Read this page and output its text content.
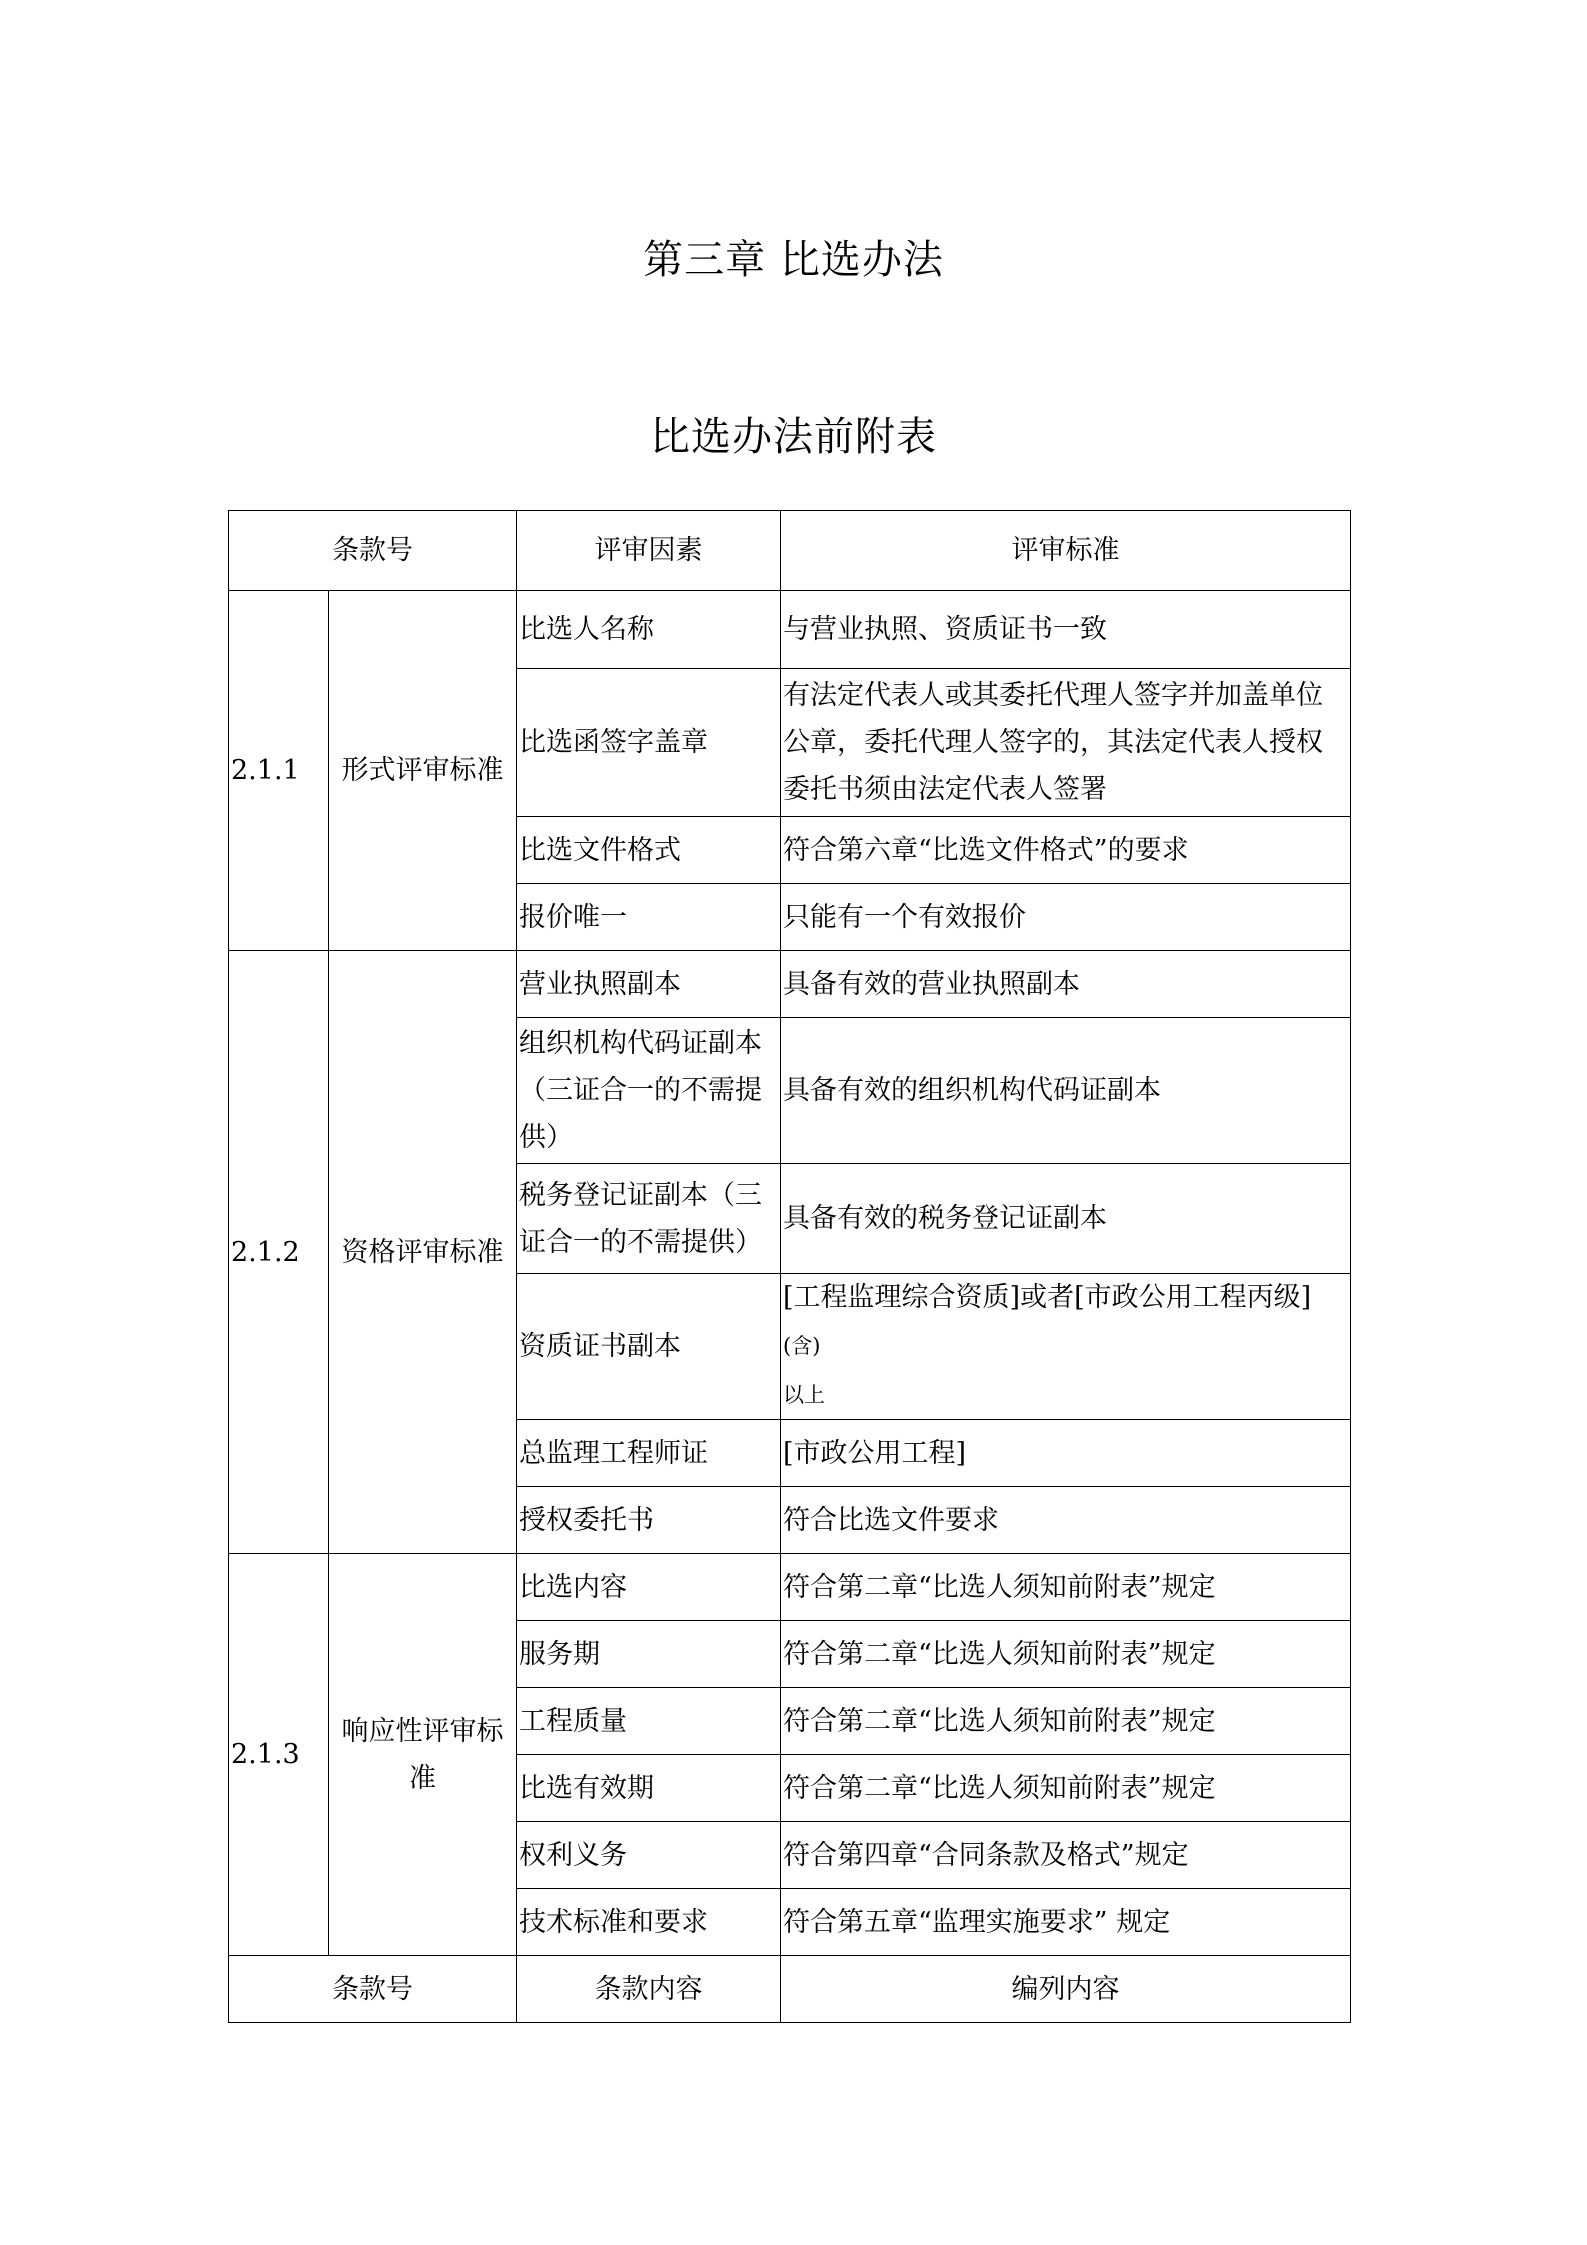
第三章 比选办法
比选办法前附表
条款号		评审因素	评审标准
2.1.1	形式评审标准	比选人名称	与营业执照、资质证书一致
		比选函签字盖章	有法定代表人或其委托代理人签字并加盖单位公章，委托代理人签字的，其法定代表人授权委托书须由法定代表人签署
		比选文件格式	符合第六章“比选文件格式”的要求
		报价唯一	只能有一个有效报价
2.1.2	资格评审标准	营业执照副本	具备有效的营业执照副本
		组织机构代码证副本（三证合一的不需提供）	具备有效的组织机构代码证副本
		税务登记证副本（三证合一的不需提供）	具备有效的税务登记证副本
		资质证书副本	[工程监理综合资质]或者[市政公用工程丙级](含)
以上
		总监理工程师证	[市政公用工程]
		授权委托书	符合比选文件要求
2.1.3	响应性评审标准	比选内容	符合第二章“比选人须知前附表”规定
		服务期	符合第二章“比选人须知前附表”规定
		工程质量	符合第二章“比选人须知前附表”规定
		比选有效期	符合第二章“比选人须知前附表”规定
		权利义务	符合第四章“合同条款及格式”规定
		技术标准和要求	符合第五章“监理实施要求” 规定
条款号		条款内容	编列内容
